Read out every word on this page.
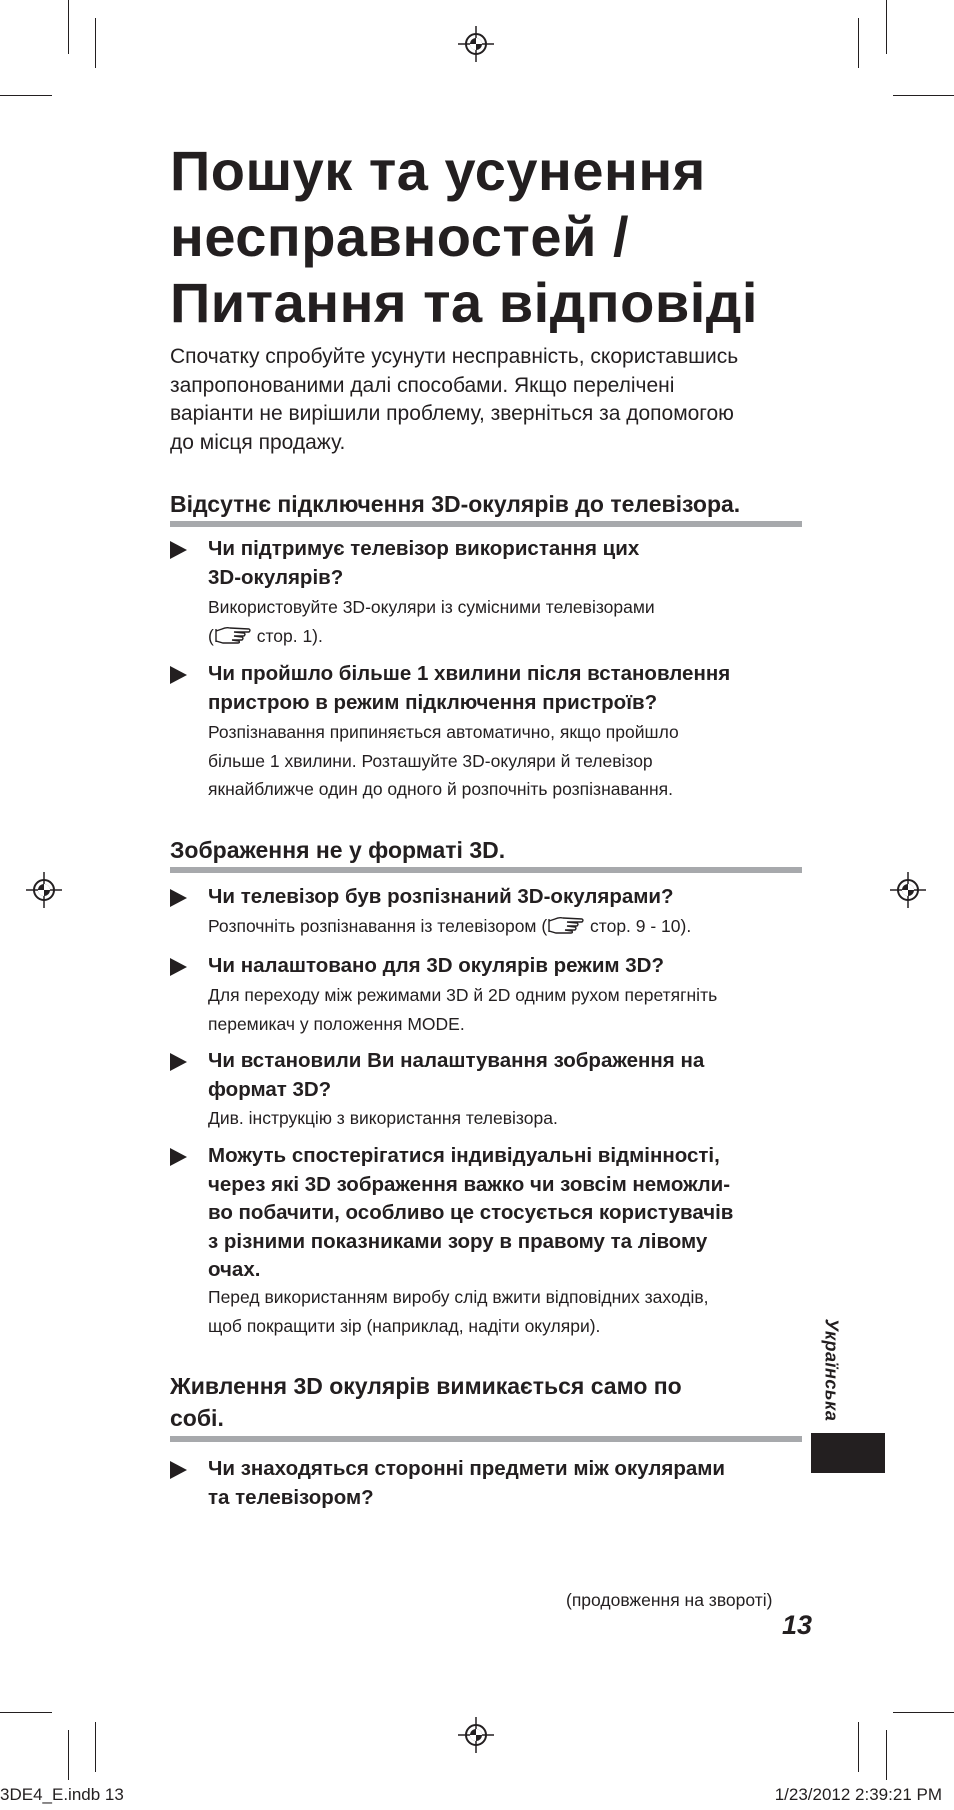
Пошук та усунення
несправностей /
Питання та відповіді
Спочатку спробуйте усунути несправність, скориставшись
запропонованими далі способами. Якщо перелічені
варіанти не вирішили проблему, зверніться за допомогою
до місця продажу.
Відсутнє підключення 3D-окулярів до телевізора.
Чи підтримує телевізор використання цих
3D-окулярів?
Використовуйте 3D-окуляри із сумісними телевізорами
( стор. 1).
Чи пройшло більше 1 хвилини після встановлення
пристрою в режим підключення пристроїв?
Розпізнавання припиняється автоматично, якщо пройшло
більше 1 хвилини. Розташуйте 3D-окуляри й телевізор
якнайближче один до одного й розпочніть розпізнавання.
Зображення не у форматі 3D.
Чи телевізор був розпізнаний 3D-окулярами?
Розпочніть розпізнавання із телевізором ( стор. 9 - 10).
Чи налаштовано для 3D окулярів режим 3D?
Для переходу між режимами 3D й 2D одним рухом перетягніть
перемикач у положення MODE.
Чи встановили Ви налаштування зображення на
формат 3D?
Див. інструкцію з використання телевізора.
Можуть спостерігатися індивідуальні відмінності,
через які 3D зображення важко чи зовсім неможли-
во побачити, особливо це стосується користувачів
з різними показниками зору в правому та лівому
очах.
Перед використанням виробу слід вжити відповідних заходів,
щоб покращити зір (наприклад, надіти окуляри).
Живлення 3D окулярів вимикається само по
собі.
Чи знаходяться сторонні предмети між окулярами
та телевізором?
Українська
(продовження на звороті)
13
3DE4_E.indb 13	1/23/2012 2:39:21 PM
